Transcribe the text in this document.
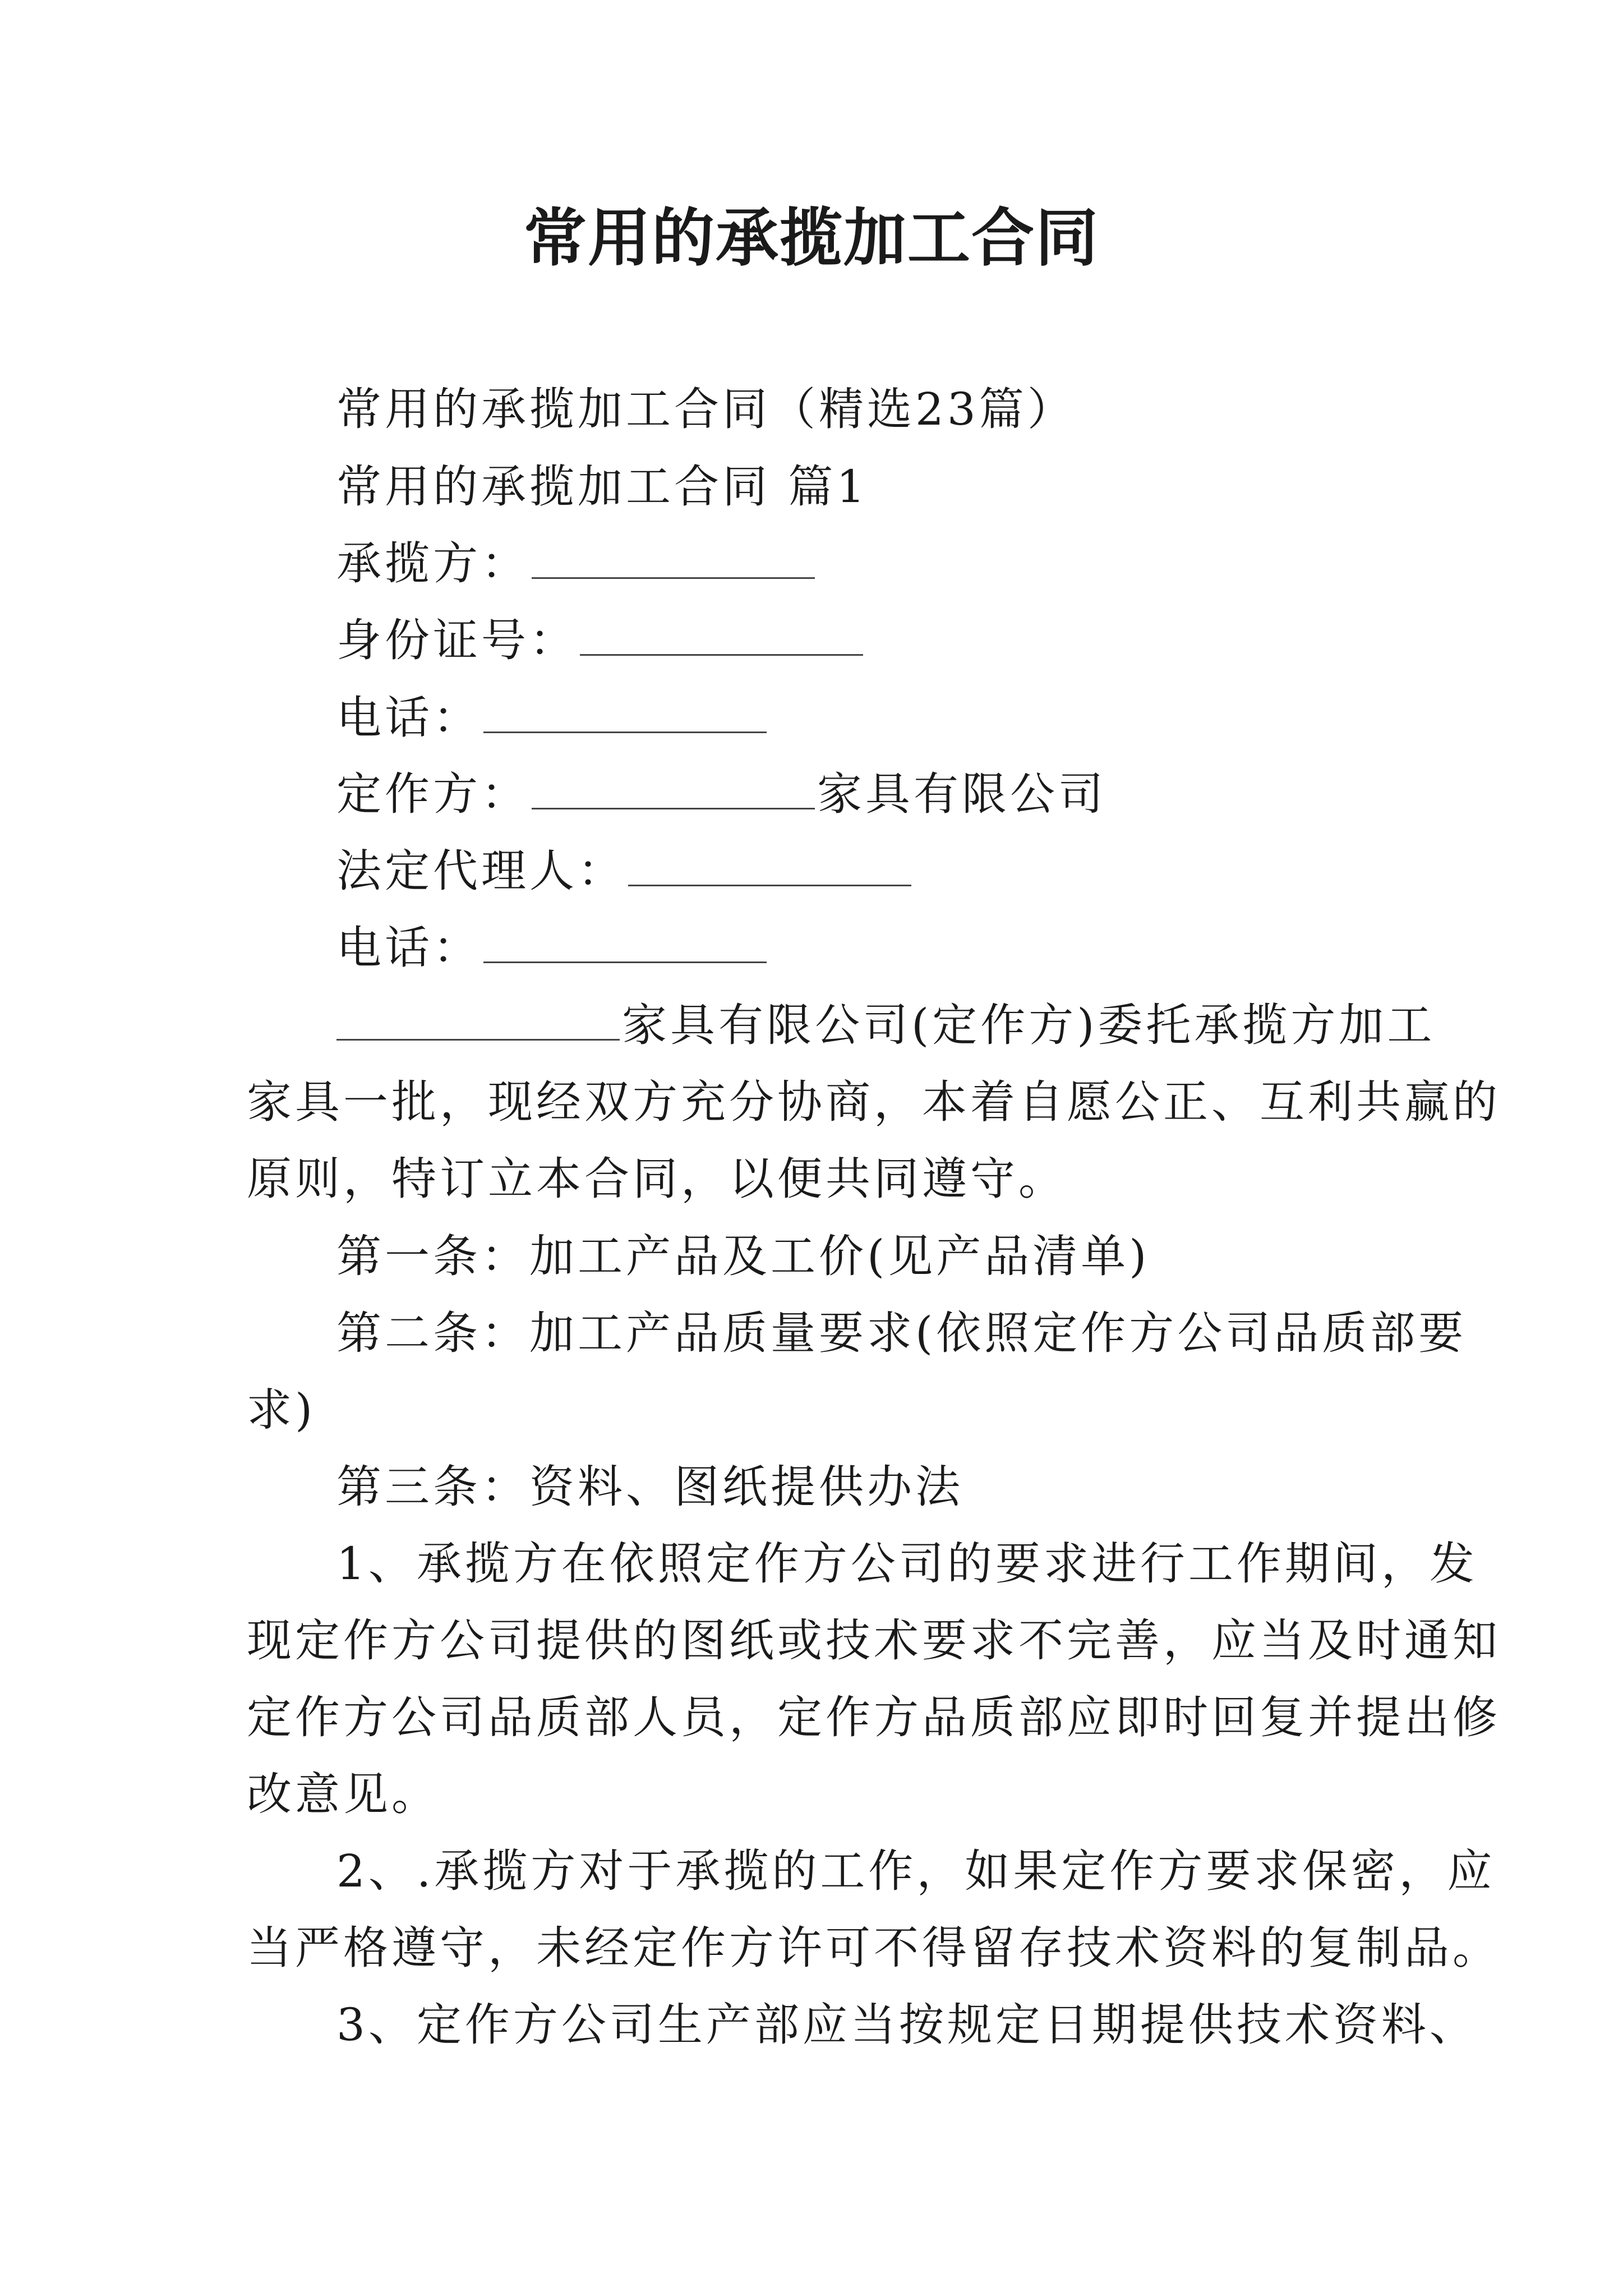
常用的承揽加工合同
常用的承揽加工合同（精选23篇）
常用的承揽加工合同 篇1
承揽方：
身份证号：
电话：
定作方：	家具有限公司
法定代理人：
电话：
家具有限公司(定作方)委托承揽方加工
家具一批，现经双方充分协商，本着自愿公正、互利共赢的
原则，特订立本合同，以便共同遵守。
第一条：加工产品及工价(见产品清单)
第二条：加工产品质量要求(依照定作方公司品质部要
求)
第三条：资料、图纸提供办法
1、承揽方在依照定作方公司的要求进行工作期间，发
现定作方公司提供的图纸或技术要求不完善，应当及时通知
定作方公司品质部人员，定作方品质部应即时回复并提出修
改意见。
2、.承揽方对于承揽的工作，如果定作方要求保密，应
当严格遵守，未经定作方许可不得留存技术资料的复制品。
3、定作方公司生产部应当按规定日期提供技术资料、
